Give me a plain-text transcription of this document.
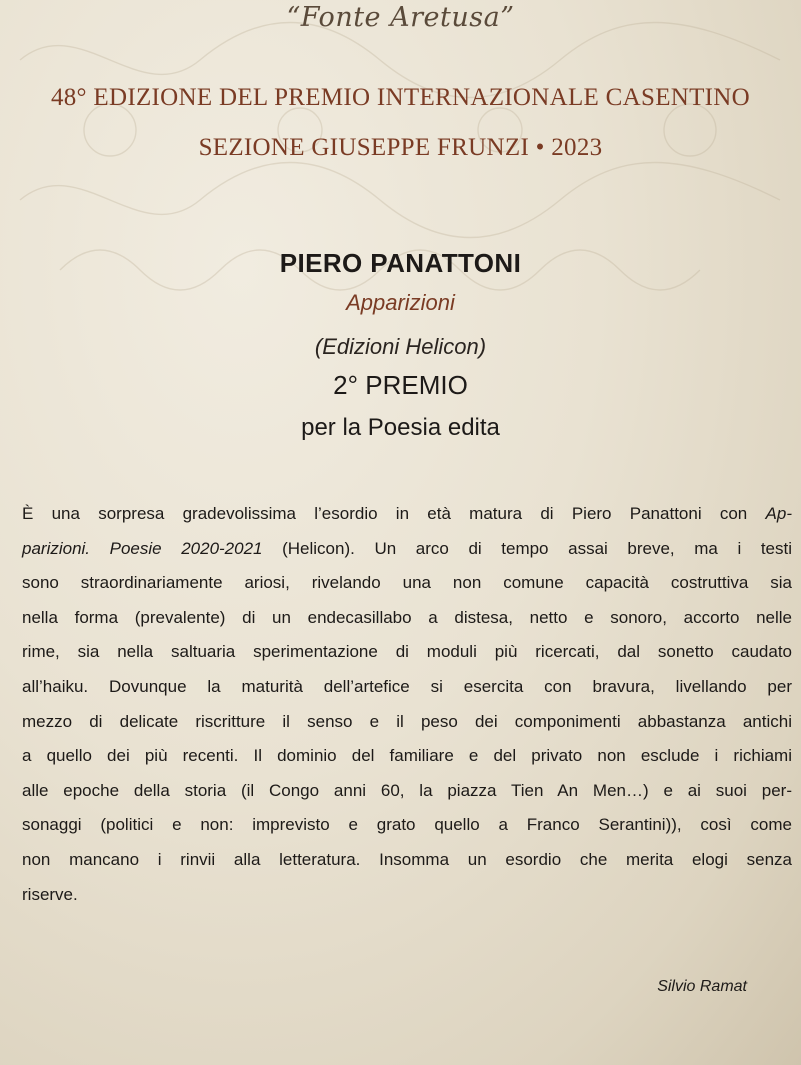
“Fonte Aretusa”
48° EDIZIONE DEL PREMIO INTERNAZIONALE CASENTINO
SEZIONE GIUSEPPE FRUNZI • 2023
PIERO PANATTONI
Apparizioni
(Edizioni Helicon)
2° PREMIO
per la Poesia edita
È una sorpresa gradevolissima l’esordio in età matura di Piero Panattoni con Ap-
parizioni. Poesie 2020-2021 (Helicon). Un arco di tempo assai breve, ma i testi
sono straordinariamente ariosi, rivelando una non comune capacità costruttiva sia
nella forma (prevalente) di un endecasillabo a distesa, netto e sonoro, accorto nelle
rime, sia nella saltuaria sperimentazione di moduli più ricercati, dal sonetto caudato
all’haiku. Dovunque la maturità dell’artefice si esercita con bravura, livellando per
mezzo di delicate riscritture il senso e il peso dei componimenti abbastanza antichi
a quello dei più recenti. Il dominio del familiare e del privato non esclude i richiami
alle epoche della storia (il Congo anni 60, la piazza Tien An Men…) e ai suoi per-
sonaggi (politici e non: imprevisto e grato quello a Franco Serantini)), così come
non mancano i rinvii alla letteratura. Insomma un esordio che merita elogi senza
riserve.
Silvio Ramat
